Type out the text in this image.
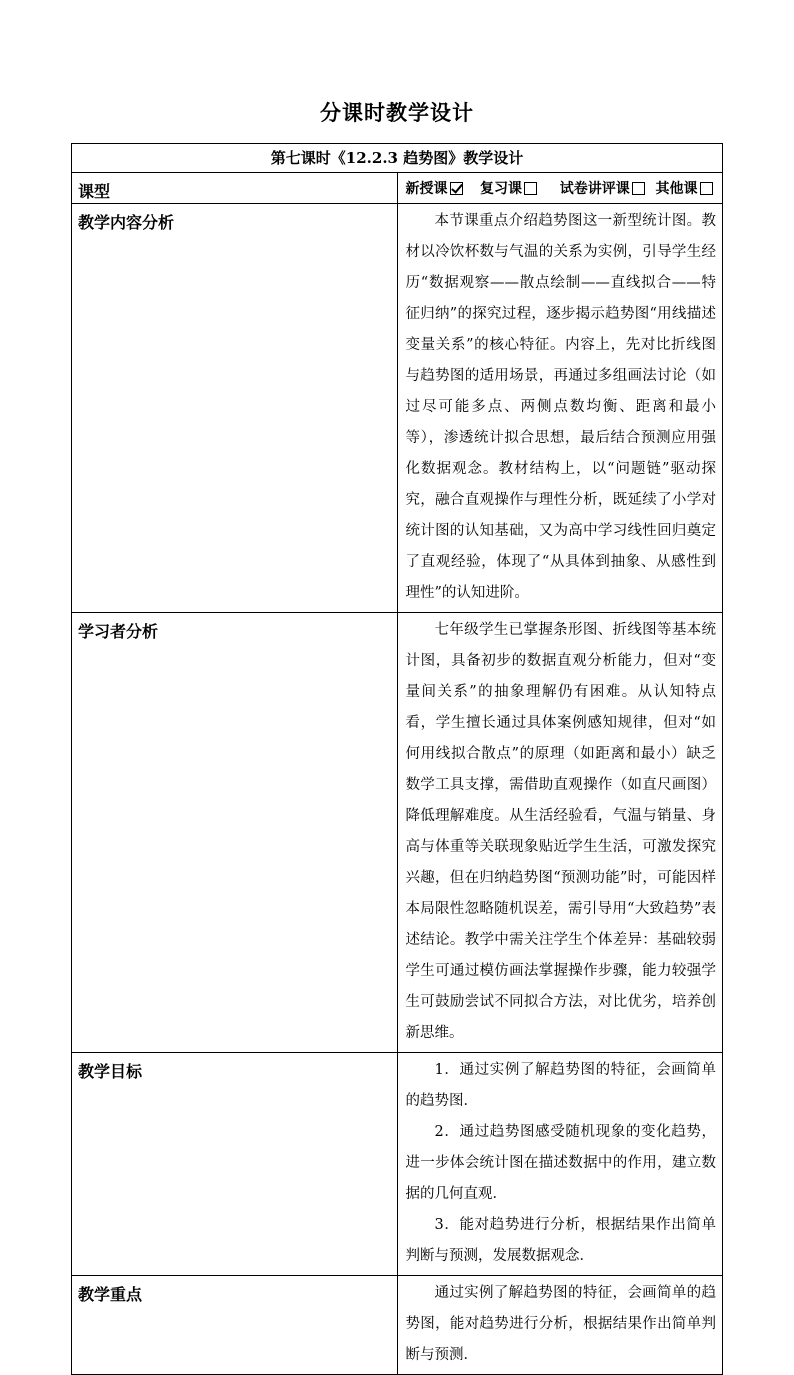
分课时教学设计
第七课时《12.2.3 趋势图》教学设计	
课型	新授课 复习课 试卷讲评课 其他课

教学内容分析	本节课重点介绍趋势图这一新型统计图。教材以冷饮杯数与气温的关系为实例，引导学生经历“数据观察——散点绘制——直线拟合——特征归纳”的探究过程，逐步揭示趋势图“用线描述变量关系”的核心特征。内容上，先对比折线图与趋势图的适用场景，再通过多组画法讨论（如过尽可能多点、两侧点数均衡、距离和最小等），渗透统计拟合思想，最后结合预测应用强化数据观念。教材结构上，以“问题链”驱动探究，融合直观操作与理性分析，既延续了小学对统计图的认知基础，又为高中学习线性回归奠定了直观经验，体现了“从具体到抽象、从感性到理性”的认知进阶。

学习者分析	七年级学生已掌握条形图、折线图等基本统计图，具备初步的数据直观分析能力，但对“变量间关系”的抽象理解仍有困难。从认知特点看，学生擅长通过具体案例感知规律，但对“如何用线拟合散点”的原理（如距离和最小）缺乏数学工具支撑，需借助直观操作（如直尺画图）降低理解难度。从生活经验看，气温与销量、身高与体重等关联现象贴近学生生活，可激发探究兴趣，但在归纳趋势图“预测功能”时，可能因样本局限性忽略随机误差，需引导用“大致趋势”表述结论。教学中需关注学生个体差异：基础较弱学生可通过模仿画法掌握操作步骤，能力较强学生可鼓励尝试不同拟合方法，对比优劣，培养创新思维。

教学目标	1．通过实例了解趋势图的特征，会画简单的趋势图．

2．通过趋势图感受随机现象的变化趋势，进一步体会统计图在描述数据中的作用，建立数据的几何直观．

3．能对趋势进行分析，根据结果作出简单判断与预测，发展数据观念．

教学重点	通过实例了解趋势图的特征，会画简单的趋势图，能对趋势进行分析，根据结果作出简单判断与预测．
